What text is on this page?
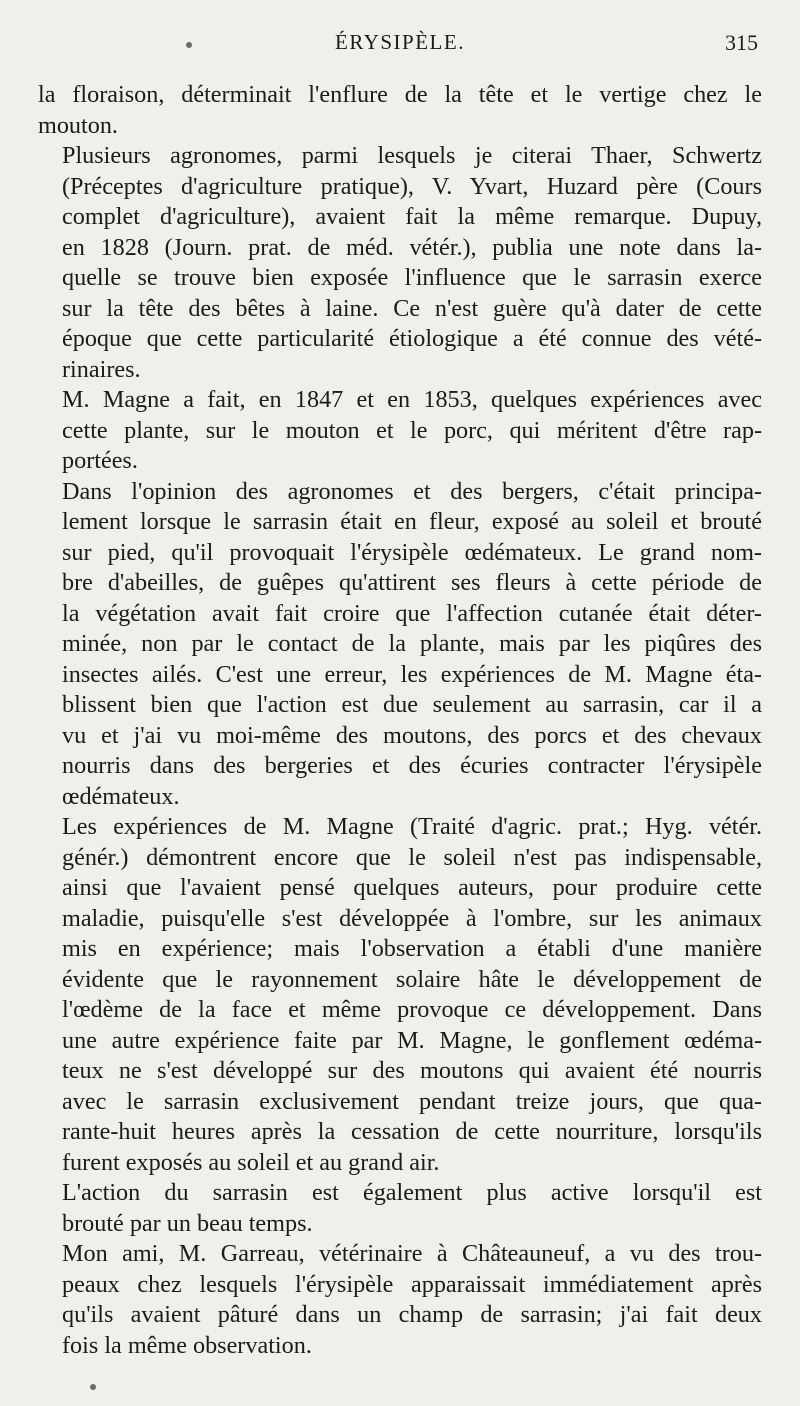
ÉRYSIPÈLE.	315

la floraison, déterminait l'enflure de la tête et le vertige chez le
mouton.

Plusieurs agronomes, parmi lesquels je citerai Thaer, Schwertz
(Préceptes d'agriculture pratique), V. Yvart, Huzard père (Cours
complet d'agriculture), avaient fait la même remarque. Dupuy,
en 1828 (Journ. prat. de méd. vétér.), publia une note dans la-
quelle se trouve bien exposée l'influence que le sarrasin exerce
sur la tête des bêtes à laine. Ce n'est guère qu'à dater de cette
époque que cette particularité étiologique a été connue des vété-
rinaires.

M. Magne a fait, en 1847 et en 1853, quelques expériences avec
cette plante, sur le mouton et le porc, qui méritent d'être rap-
portées.

Dans l'opinion des agronomes et des bergers, c'était principa-
lement lorsque le sarrasin était en fleur, exposé au soleil et brouté
sur pied, qu'il provoquait l'érysipèle œdémateux. Le grand nom-
bre d'abeilles, de guêpes qu'attirent ses fleurs à cette période de
la végétation avait fait croire que l'affection cutanée était déter-
minée, non par le contact de la plante, mais par les piqûres des
insectes ailés. C'est une erreur, les expériences de M. Magne éta-
blissent bien que l'action est due seulement au sarrasin, car il a
vu et j'ai vu moi-même des moutons, des porcs et des chevaux
nourris dans des bergeries et des écuries contracter l'érysipèle
œdémateux.

Les expériences de M. Magne (Traité d'agric. prat.; Hyg. vétér.
génér.) démontrent encore que le soleil n'est pas indispensable,
ainsi que l'avaient pensé quelques auteurs, pour produire cette
maladie, puisqu'elle s'est développée à l'ombre, sur les animaux
mis en expérience; mais l'observation a établi d'une manière
évidente que le rayonnement solaire hâte le développement de
l'œdème de la face et même provoque ce développement. Dans
une autre expérience faite par M. Magne, le gonflement œdéma-
teux ne s'est développé sur des moutons qui avaient été nourris
avec le sarrasin exclusivement pendant treize jours, que qua-
rante-huit heures après la cessation de cette nourriture, lorsqu'ils
furent exposés au soleil et au grand air.

L'action du sarrasin est également plus active lorsqu'il est
brouté par un beau temps.

Mon ami, M. Garreau, vétérinaire à Châteauneuf, a vu des trou-
peaux chez lesquels l'érysipèle apparaissait immédiatement après
qu'ils avaient pâturé dans un champ de sarrasin; j'ai fait deux
fois la même observation.
